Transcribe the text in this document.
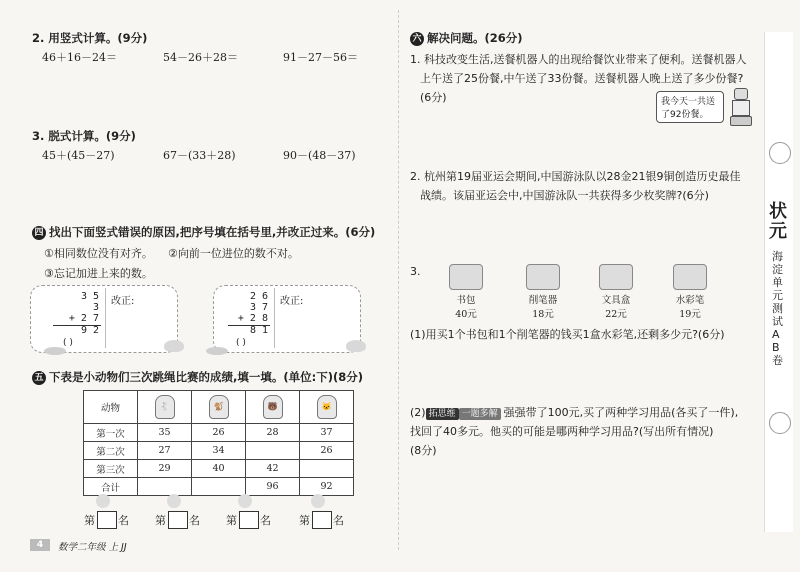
2. 用竖式计算。(9分)
46＋16－24＝	54－26＋28＝	91－27－56＝
3. 脱式计算。(9分)
45＋(45－27)	67－(33＋28)	90－(48－37)
四 找出下面竖式错误的原因,把序号填在括号里,并改正过来。(6分)
①相同数位没有对齐。 ②向前一位进位的数不对。
③忘记加进上来的数。
3 5
3
+ 2 7
9 2
( )
改正:	2 6
3 7
+ 2 8
8 1
( )
改正:
五 下表是小动物们三次跳绳比赛的成绩,填一填。(单位:下)(8分)
动物	🐇	🐒	🐻	🐱
第一次	35	26	28	37
第二次	27	34		26
第三次	29	40	42	
合计			96	92
第 名 第 名 第 名	第 名
4	数学二年级 上 JJ
六 解决问题。(26分)
1. 科技改变生活,送餐机器人的出现给餐饮业带来了便利。送餐机器人
上午送了25份餐,中午送了33份餐。送餐机器人晚上送了多少份餐?
(6分)	我今天一共送
了92份餐。
2. 杭州第19届亚运会期间,中国游泳队以28金21银9铜创造历史最佳
战绩。该届亚运会中,中国游泳队一共获得多少枚奖牌?(6分)
3.
书包
40元
削笔器
18元
文具盒
22元
水彩笔
19元
(1)用买1个书包和1个削笔器的钱买1盒水彩笔,还剩多少元?(6分)
(2) 拓思维 一题多解 强强带了100元,买了两种学习用品(各买了一件),
找回了40多元。他买的可能是哪两种学习用品?(写出所有情况)
(8分)
状元
海淀单元测试AB卷
